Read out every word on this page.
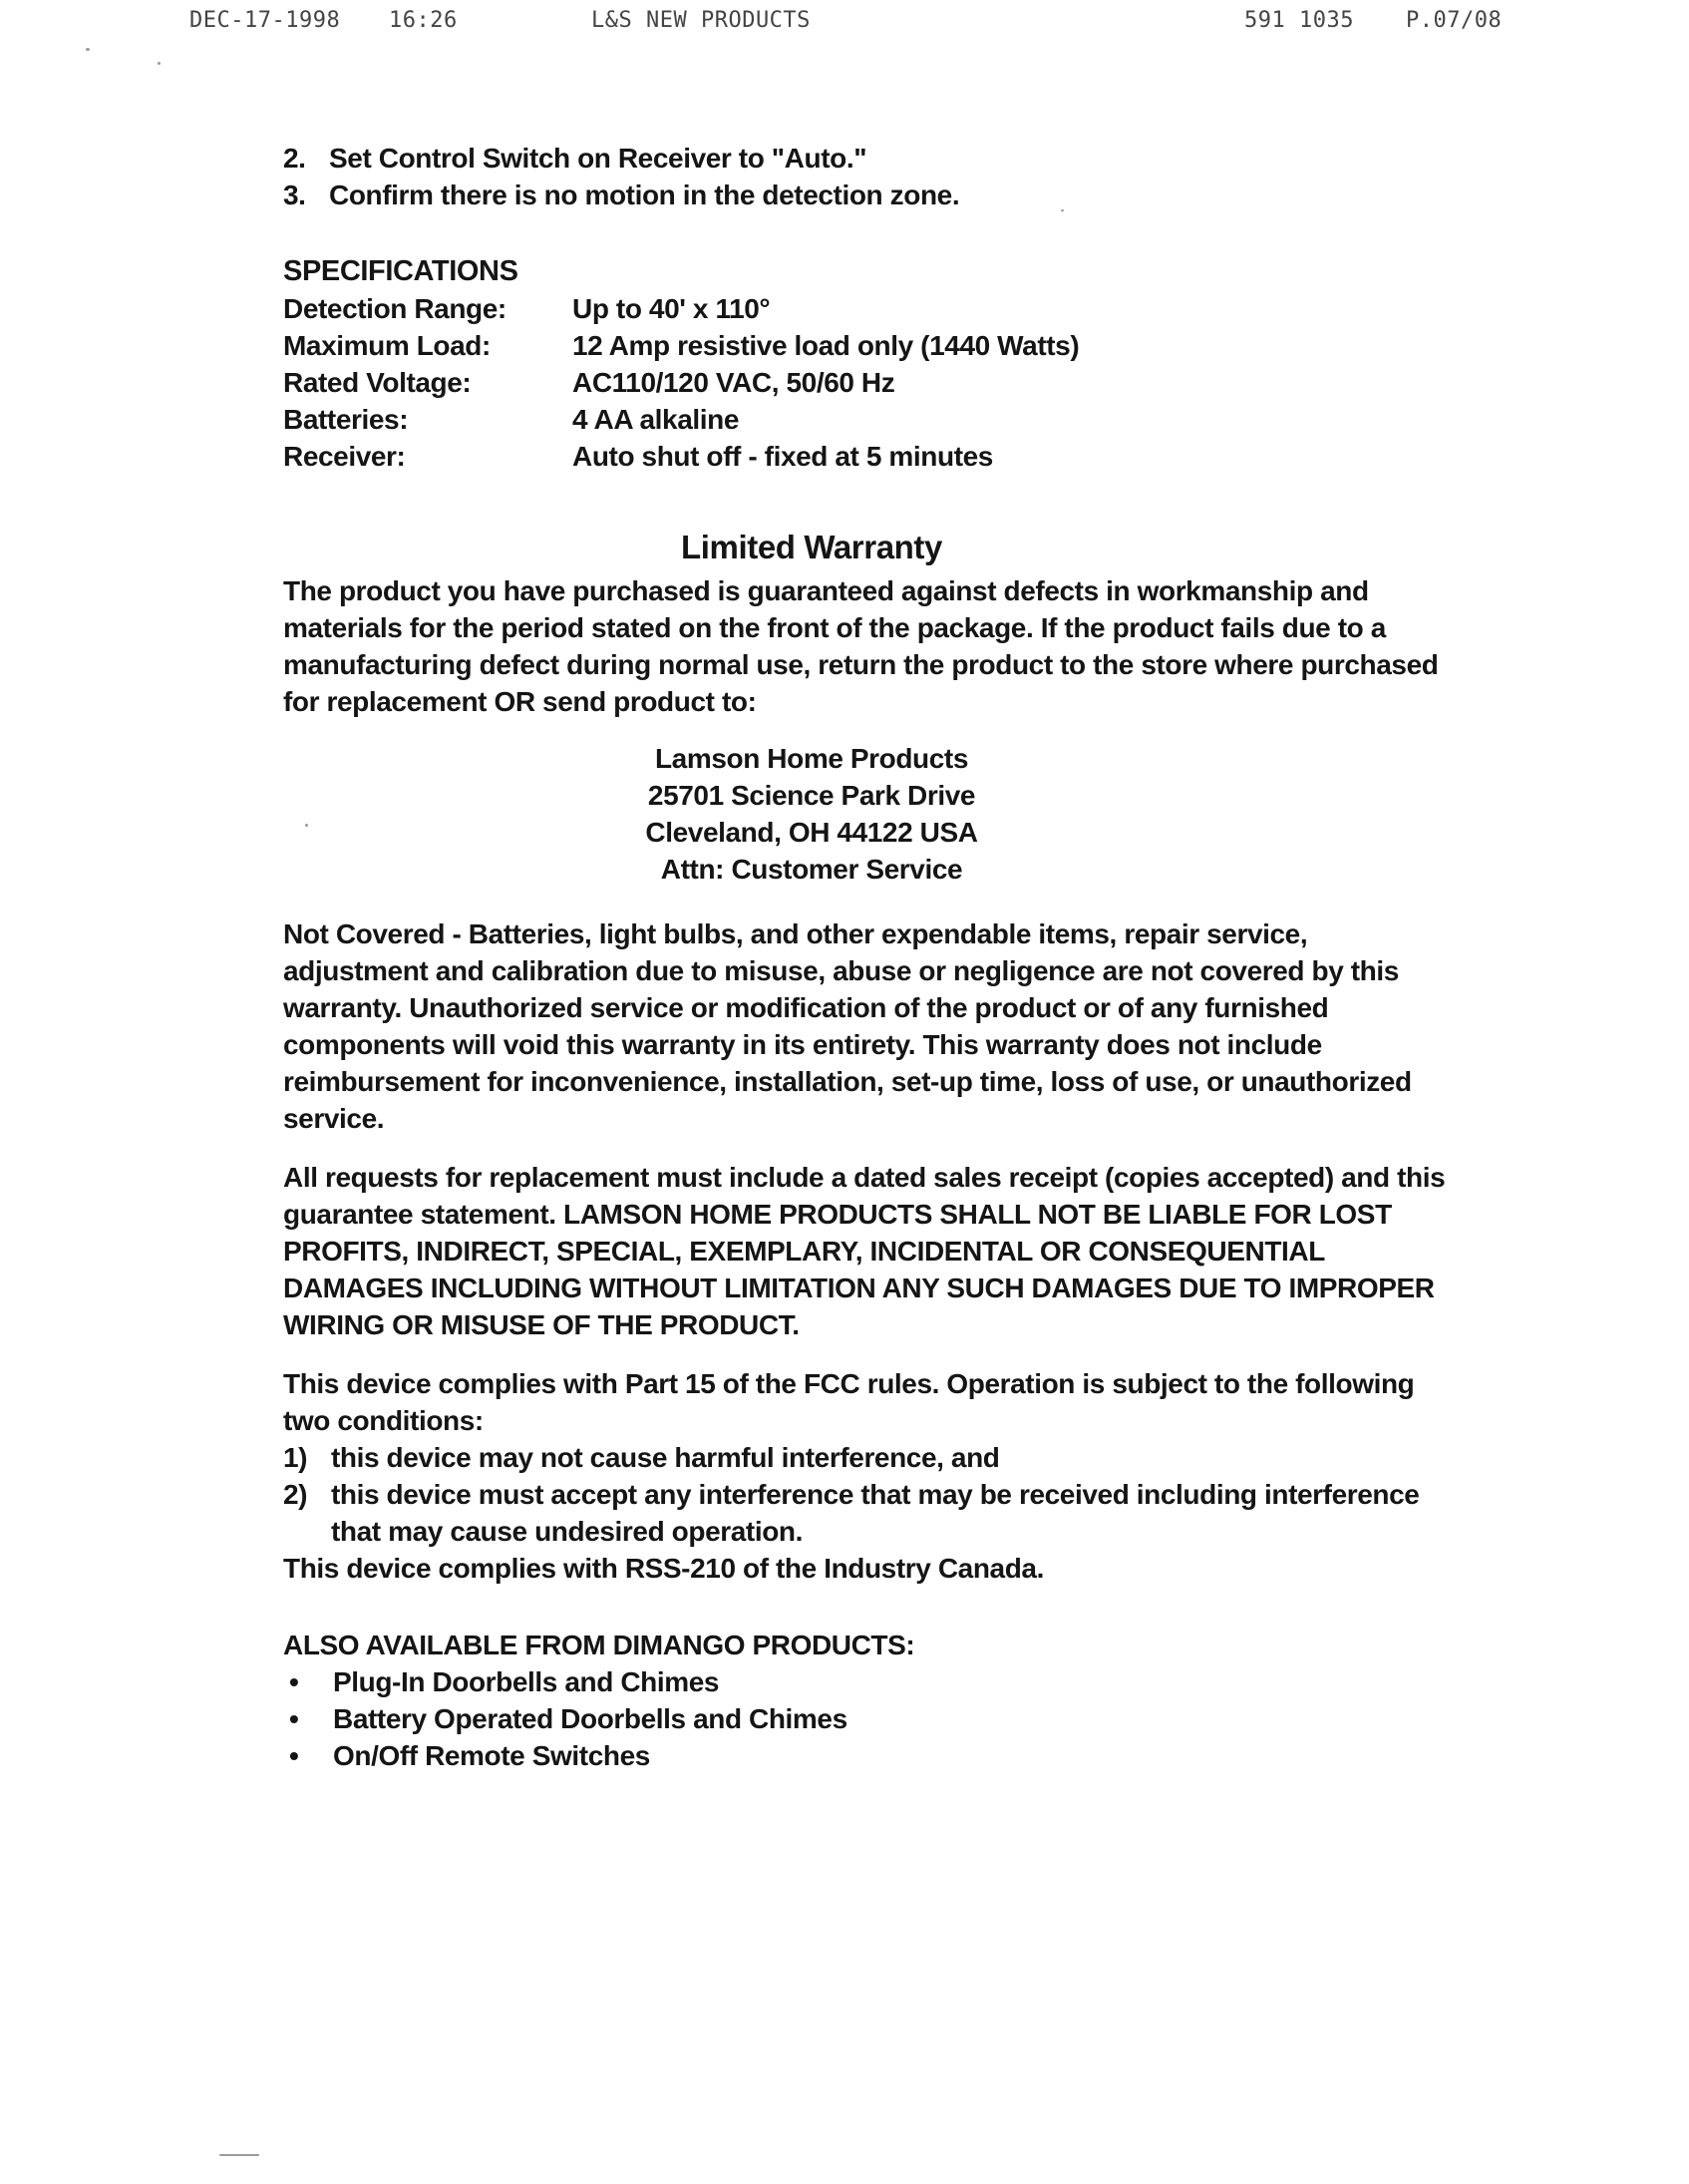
DEC-17-1998 16:26	L&S NEW PRODUCTS	591 1035 P.07/08
2. Set Control Switch on Receiver to "Auto."
3. Confirm there is no motion in the detection zone.
SPECIFICATIONS
Detection Range:	Up to 40' x 110°
Maximum Load:	12 Amp resistive load only (1440 Watts)
Rated Voltage:	AC110/120 VAC, 50/60 Hz
Batteries:	4 AA alkaline
Receiver:	Auto shut off - fixed at 5 minutes
Limited Warranty

The product you have purchased is guaranteed against defects in workmanship and materials for the period stated on the front of the package. If the product fails due to a manufacturing defect during normal use, return the product to the store where purchased for replacement OR send product to:

Lamson Home Products
25701 Science Park Drive
Cleveland, OH 44122 USA
Attn: Customer Service

Not Covered - Batteries, light bulbs, and other expendable items, repair service, adjustment and calibration due to misuse, abuse or negligence are not covered by this warranty. Unauthorized service or modification of the product or of any furnished components will void this warranty in its entirety. This warranty does not include reimbursement for inconvenience, installation, set-up time, loss of use, or unauthorized service.

All requests for replacement must include a dated sales receipt (copies accepted) and this guarantee statement. LAMSON HOME PRODUCTS SHALL NOT BE LIABLE FOR LOST PROFITS, INDIRECT, SPECIAL, EXEMPLARY, INCIDENTAL OR CONSEQUENTIAL DAMAGES INCLUDING WITHOUT LIMITATION ANY SUCH DAMAGES DUE TO IMPROPER WIRING OR MISUSE OF THE PRODUCT.

This device complies with Part 15 of the FCC rules. Operation is subject to the following two conditions:

1) this device may not cause harmful interference, and
2) this device must accept any interference that may be received including interference that may cause undesired operation.

This device complies with RSS-210 of the Industry Canada.

ALSO AVAILABLE FROM DIMANGO PRODUCTS:
• Plug-In Doorbells and Chimes
• Battery Operated Doorbells and Chimes
• On/Off Remote Switches
